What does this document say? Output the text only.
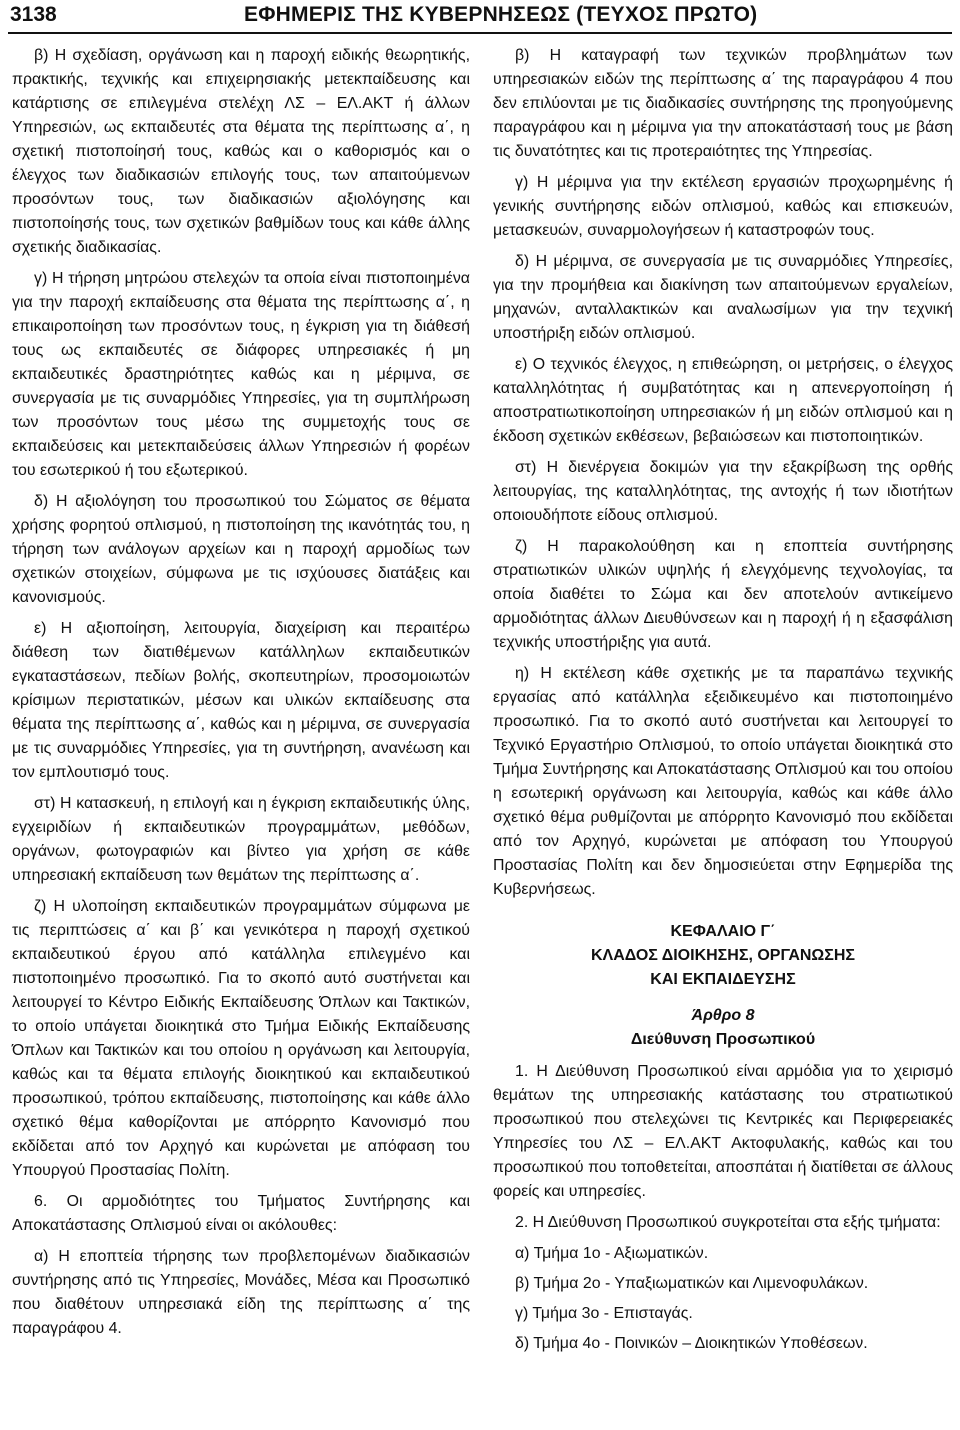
3138	ΕΦΗΜΕΡΙΣ ΤΗΣ ΚΥΒΕΡΝΗΣΕΩΣ (ΤΕΥΧΟΣ ΠΡΩΤΟ)

β) Η σχεδίαση, οργάνωση και η παροχή ειδικής θεωρητικής, πρακτικής, τεχνικής και επιχειρησιακής μετεκπαίδευσης και κατάρτισης σε επιλεγμένα στελέχη ΛΣ – ΕΛ.ΑΚΤ ή άλλων Υπηρεσιών, ως εκπαιδευτές στα θέματα της περίπτωσης α΄, η σχετική πιστοποίησή τους, καθώς και ο καθορισμός και ο έλεγχος των διαδικασιών επιλογής τους, των απαιτούμενων προσόντων τους, των διαδικασιών αξιολόγησης και πιστοποίησής τους, των σχετικών βαθμίδων τους και κάθε άλλης σχετικής διαδικασίας.

γ) Η τήρηση μητρώου στελεχών τα οποία είναι πιστοποιημένα για την παροχή εκπαίδευσης στα θέματα της περίπτωσης α΄, η επικαιροποίηση των προσόντων τους, η έγκριση για τη διάθεσή τους ως εκπαιδευτές σε διάφορες υπηρεσιακές ή μη εκπαιδευτικές δραστηριότητες καθώς και η μέριμνα, σε συνεργασία με τις συναρμόδιες Υπηρεσίες, για τη συμπλήρωση των προσόντων τους μέσω της συμμετοχής τους σε εκπαιδεύσεις και μετεκπαιδεύσεις άλλων Υπηρεσιών ή φορέων του εσωτερικού ή του εξωτερικού.

δ) Η αξιολόγηση του προσωπικού του Σώματος σε θέματα χρήσης φορητού οπλισμού, η πιστοποίηση της ικανότητάς του, η τήρηση των ανάλογων αρχείων και η παροχή αρμοδίως των σχετικών στοιχείων, σύμφωνα με τις ισχύουσες διατάξεις και κανονισμούς.

ε) Η αξιοποίηση, λειτουργία, διαχείριση και περαιτέρω διάθεση των διατιθέμενων κατάλληλων εκπαιδευτικών εγκαταστάσεων, πεδίων βολής, σκοπευτηρίων, προσομοιωτών κρίσιμων περιστατικών, μέσων και υλικών εκπαίδευσης στα θέματα της περίπτωσης α΄, καθώς και η μέριμνα, σε συνεργασία με τις συναρμόδιες Υπηρεσίες, για τη συντήρηση, ανανέωση και τον εμπλουτισμό τους.

στ) Η κατασκευή, η επιλογή και η έγκριση εκπαιδευτικής ύλης, εγχειριδίων ή εκπαιδευτικών προγραμμάτων, μεθόδων, οργάνων, φωτογραφιών και βίντεο για χρήση σε κάθε υπηρεσιακή εκπαίδευση των θεμάτων της περίπτωσης α΄.

ζ) Η υλοποίηση εκπαιδευτικών προγραμμάτων σύμφωνα με τις περιπτώσεις α΄ και β΄ και γενικότερα η παροχή σχετικού εκπαιδευτικού έργου από κατάλληλα επιλεγμένο και πιστοποιημένο προσωπικό. Για το σκοπό αυτό συστήνεται και λειτουργεί το Κέντρο Ειδικής Εκπαίδευσης Όπλων και Τακτικών, το οποίο υπάγεται διοικητικά στο Τμήμα Ειδικής Εκπαίδευσης Όπλων και Τακτικών και του οποίου η οργάνωση και λειτουργία, καθώς και τα θέματα επιλογής διοικητικού και εκπαιδευτικού προσωπικού, τρόπου εκπαίδευσης, πιστοποίησης και κάθε άλλο σχετικό θέμα καθορίζονται με απόρρητο Κανονισμό που εκδίδεται από τον Αρχηγό και κυρώνεται με απόφαση του Υπουργού Προστασίας Πολίτη.

6. Οι αρμοδιότητες του Τμήματος Συντήρησης και Αποκατάστασης Οπλισμού είναι οι ακόλουθες:

α) Η εποπτεία τήρησης των προβλεπομένων διαδικασιών συντήρησης από τις Υπηρεσίες, Μονάδες, Μέσα και Προσωπικό που διαθέτουν υπηρεσιακά είδη της περίπτωσης α΄ της παραγράφου 4.

β) Η καταγραφή των τεχνικών προβλημάτων των υπηρεσιακών ειδών της περίπτωσης α΄ της παραγράφου 4 που δεν επιλύονται με τις διαδικασίες συντήρησης της προηγούμενης παραγράφου και η μέριμνα για την αποκατάστασή τους με βάση τις δυνατότητες και τις προτεραιότητες της Υπηρεσίας.

γ) Η μέριμνα για την εκτέλεση εργασιών προχωρημένης ή γενικής συντήρησης ειδών οπλισμού, καθώς και επισκευών, μετασκευών, συναρμολογήσεων ή καταστροφών τους.

δ) Η μέριμνα, σε συνεργασία με τις συναρμόδιες Υπηρεσίες, για την προμήθεια και διακίνηση των απαιτούμενων εργαλείων, μηχανών, ανταλλακτικών και αναλωσίμων για την τεχνική υποστήριξη ειδών οπλισμού.

ε) Ο τεχνικός έλεγχος, η επιθεώρηση, οι μετρήσεις, ο έλεγχος καταλληλότητας ή συμβατότητας και η απενεργοποίηση ή αποστρατιωτικοποίηση υπηρεσιακών ή μη ειδών οπλισμού και η έκδοση σχετικών εκθέσεων, βεβαιώσεων και πιστοποιητικών.

στ) Η διενέργεια δοκιμών για την εξακρίβωση της ορθής λειτουργίας, της καταλληλότητας, της αντοχής ή των ιδιοτήτων οποιουδήποτε είδους οπλισμού.

ζ) Η παρακολούθηση και η εποπτεία συντήρησης στρατιωτικών υλικών υψηλής ή ελεγχόμενης τεχνολογίας, τα οποία διαθέτει το Σώμα και δεν αποτελούν αντικείμενο αρμοδιότητας άλλων Διευθύνσεων και η παροχή ή η εξασφάλιση τεχνικής υποστήριξης για αυτά.

η) Η εκτέλεση κάθε σχετικής με τα παραπάνω τεχνικής εργασίας από κατάλληλα εξειδικευμένο και πιστοποιημένο προσωπικό. Για το σκοπό αυτό συστήνεται και λειτουργεί το Τεχνικό Εργαστήριο Οπλισμού, το οποίο υπάγεται διοικητικά στο Τμήμα Συντήρησης και Αποκατάστασης Οπλισμού και του οποίου η εσωτερική οργάνωση και λειτουργία, καθώς και κάθε άλλο σχετικό θέμα ρυθμίζονται με απόρρητο Κανονισμό που εκδίδεται από τον Αρχηγό, κυρώνεται με απόφαση του Υπουργού Προστασίας Πολίτη και δεν δημοσιεύεται στην Εφημερίδα της Κυβερνήσεως.

ΚΕΦΑΛΑΙΟ Γ΄
ΚΛΑΔΟΣ ΔΙΟΙΚΗΣΗΣ, ΟΡΓΑΝΩΣΗΣ
ΚΑΙ ΕΚΠΑΙΔΕΥΣΗΣ
Άρθρο 8
Διεύθυνση Προσωπικού

1. Η Διεύθυνση Προσωπικού είναι αρμόδια για το χειρισμό θεμάτων της υπηρεσιακής κατάστασης του στρατιωτικού προσωπικού που στελεχώνει τις Κεντρικές και Περιφερειακές Υπηρεσίες του ΛΣ – ΕΛ.ΑΚΤ Ακτοφυλακής, καθώς και του προσωπικού που τοποθετείται, αποσπάται ή διατίθεται σε άλλους φορείς και υπηρεσίες.

2. Η Διεύθυνση Προσωπικού συγκροτείται στα εξής τμήματα:

α) Τμήμα 1ο - Αξιωματικών.
β) Τμήμα 2ο - Υπαξιωματικών και Λιμενοφυλάκων.
γ) Τμήμα 3ο - Επισταγάς.
δ) Τμήμα 4ο - Ποινικών – Διοικητικών Υποθέσεων.
